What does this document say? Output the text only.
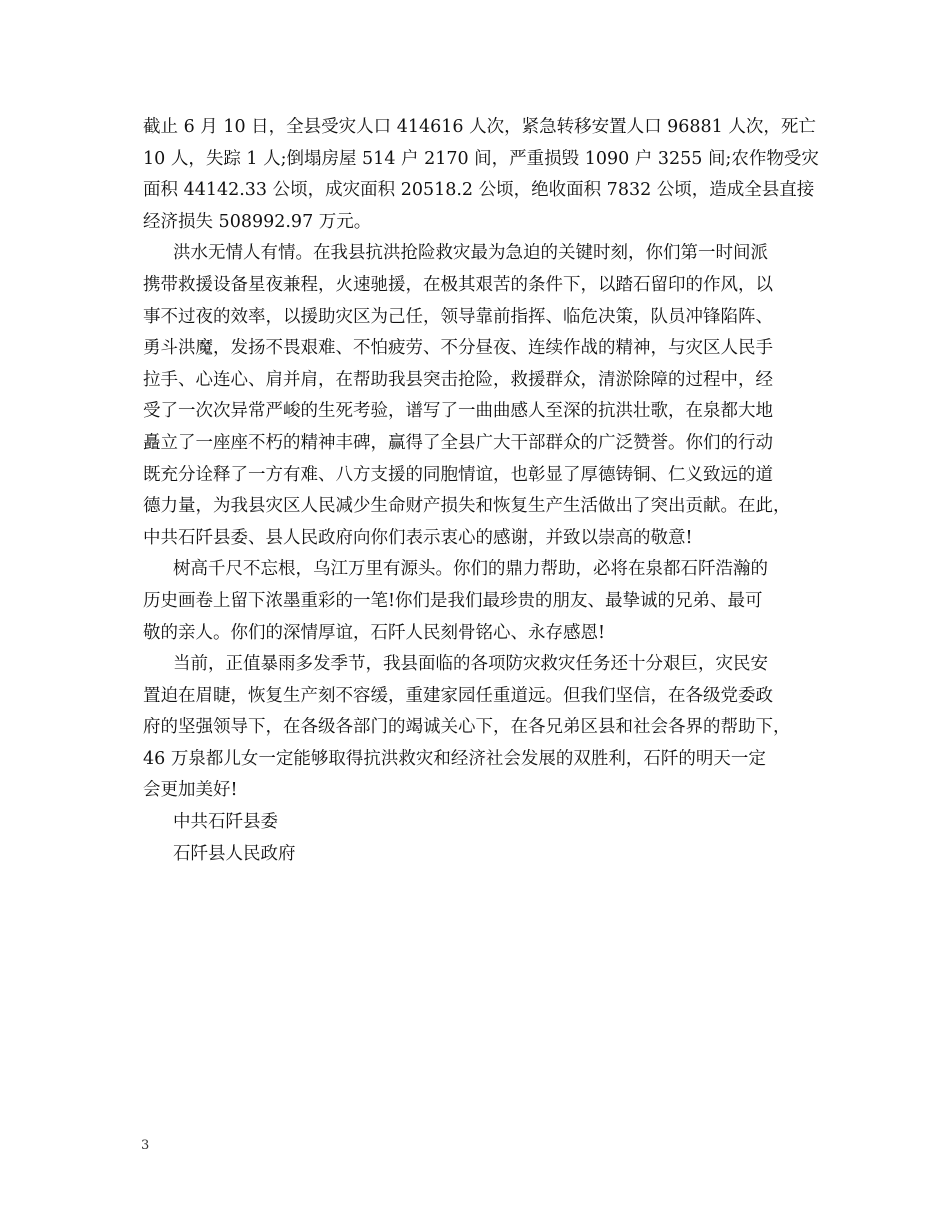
截止 6 月 10 日，全县受灾人口 414616 人次，紧急转移安置人口 96881 人次，死亡
10 人，失踪 1 人;倒塌房屋 514 户 2170 间，严重损毁 1090 户 3255 间;农作物受灾
面积 44142.33 公顷，成灾面积 20518.2 公顷，绝收面积 7832 公顷，造成全县直接
经济损失 508992.97 万元。
洪水无情人有情。在我县抗洪抢险救灾最为急迫的关键时刻，你们第一时间派
携带救援设备星夜兼程，火速驰援，在极其艰苦的条件下，以踏石留印的作风，以
事不过夜的效率，以援助灾区为己任，领导靠前指挥、临危决策，队员冲锋陷阵、
勇斗洪魔，发扬不畏艰难、不怕疲劳、不分昼夜、连续作战的精神，与灾区人民手
拉手、心连心、肩并肩，在帮助我县突击抢险，救援群众，清淤除障的过程中，经
受了一次次异常严峻的生死考验，谱写了一曲曲感人至深的抗洪壮歌，在泉都大地
矗立了一座座不朽的精神丰碑，赢得了全县广大干部群众的广泛赞誉。你们的行动
既充分诠释了一方有难、八方支援的同胞情谊，也彰显了厚德铸铜、仁义致远的道
德力量，为我县灾区人民减少生命财产损失和恢复生产生活做出了突出贡献。在此，
中共石阡县委、县人民政府向你们表示衷心的感谢，并致以崇高的敬意!
树高千尺不忘根，乌江万里有源头。你们的鼎力帮助，必将在泉都石阡浩瀚的
历史画卷上留下浓墨重彩的一笔!你们是我们最珍贵的朋友、最挚诚的兄弟、最可
敬的亲人。你们的深情厚谊，石阡人民刻骨铭心、永存感恩!
当前，正值暴雨多发季节，我县面临的各项防灾救灾任务还十分艰巨，灾民安
置迫在眉睫，恢复生产刻不容缓，重建家园任重道远。但我们坚信，在各级党委政
府的坚强领导下，在各级各部门的竭诚关心下，在各兄弟区县和社会各界的帮助下，
46 万泉都儿女一定能够取得抗洪救灾和经济社会发展的双胜利，石阡的明天一定
会更加美好!
中共石阡县委
石阡县人民政府
3
